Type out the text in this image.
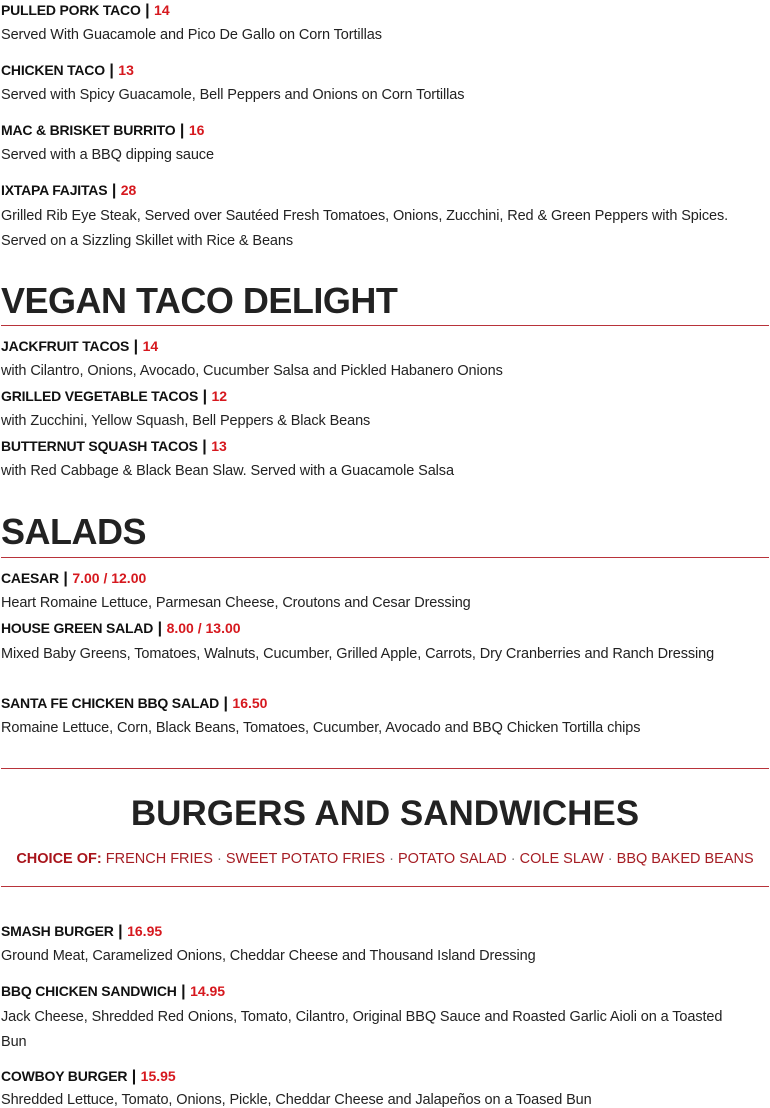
PULLED PORK TACO | 14
Served With Guacamole and Pico De Gallo on Corn Tortillas
CHICKEN TACO | 13
Served with Spicy Guacamole, Bell Peppers and Onions on Corn Tortillas
MAC & BRISKET BURRITO | 16
Served with a BBQ dipping sauce
IXTAPA FAJITAS | 28
Grilled Rib Eye Steak, Served over Sautéed Fresh Tomatoes, Onions, Zucchini, Red & Green Peppers with Spices. Served on a Sizzling Skillet with Rice & Beans
VEGAN TACO DELIGHT
JACKFRUIT TACOS | 14
with Cilantro, Onions, Avocado, Cucumber Salsa and Pickled Habanero Onions
GRILLED VEGETABLE TACOS | 12
with Zucchini, Yellow Squash, Bell Peppers & Black Beans
BUTTERNUT SQUASH TACOS | 13
with Red Cabbage & Black Bean Slaw. Served with a Guacamole Salsa
SALADS
CAESAR | 7.00 / 12.00
Heart Romaine Lettuce, Parmesan Cheese, Croutons and Cesar Dressing
HOUSE GREEN SALAD | 8.00 / 13.00
Mixed Baby Greens, Tomatoes, Walnuts, Cucumber, Grilled Apple, Carrots, Dry Cranberries and Ranch Dressing
SANTA FE CHICKEN BBQ SALAD | 16.50
Romaine Lettuce, Corn, Black Beans, Tomatoes, Cucumber, Avocado and BBQ Chicken Tortilla chips
BURGERS AND SANDWICHES
CHOICE OF: FRENCH FRIES · SWEET POTATO FRIES · POTATO SALAD · COLE SLAW · BBQ BAKED BEANS
SMASH BURGER | 16.95
Ground Meat, Caramelized Onions, Cheddar Cheese and Thousand Island Dressing
BBQ CHICKEN SANDWICH | 14.95
Jack Cheese, Shredded Red Onions, Tomato, Cilantro, Original BBQ Sauce and Roasted Garlic Aioli on a Toasted Bun
COWBOY BURGER | 15.95
Shredded Lettuce, Tomato, Onions, Pickle, Cheddar Cheese and Jalapeños on a Toased Bun
